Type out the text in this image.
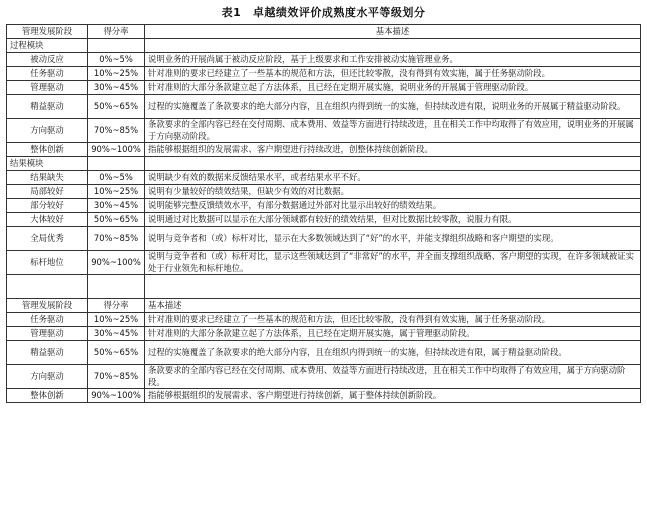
表1　卓越绩效评价成熟度水平等级划分
管理发展阶段	得分率	基本描述
过程模块		
被动反应	0%~5%	说明业务的开展尚属于被动反应阶段，基于上级要求和工作安排被动实施管理业务。
任务驱动	10%~25%	针对准则的要求已经建立了一些基本的规范和方法，但还比较零散，没有得到有效实施，属于任务驱动阶段。
管理驱动	30%~45%	针对准则的大部分条款建立起了方法体系，且已经在定期开展实施，说明业务的开展属于管理驱动阶段。
精益驱动	50%~65%	过程的实施覆盖了条款要求的绝大部分内容，且在组织内得到统一的实施，但持续改进有限，说明业务的开展属于精益驱动阶段。
方向驱动	70%~85%	条款要求的全部内容已经在交付周期、成本费用、效益等方面进行持续改进，且在相关工作中均取得了有效应用，说明业务的开展属于方向驱动阶段。
整体创新	90%~100%	指能够根据组织的发展需求、客户期望进行持续改进，创整体持续创新阶段。
结果模块		
结果缺失	0%~5%	说明缺少有效的数据来反馈结果水平，或者结果水平不好。
局部较好	10%~25%	说明有少量较好的绩效结果，但缺少有效的对比数据。
部分较好	30%~45%	说明能够完整反馈绩效水平，有部分数据通过外部对比显示出较好的绩效结果。
大体较好	50%~65%	说明通过对比数据可以显示在大部分领域都有较好的绩效结果，但对比数据比较零散，说服力有限。
全局优秀	70%~85%	说明与竞争者和（或）标杆对比，显示在大多数领域达到了“好”的水平，并能支撑组织战略和客户期望的实现。
标杆地位	90%~100%	说明与竞争者和（或）标杆对比，显示这些领域达到了“非常好”的水平，并全面支撑组织战略、客户期望的实现，在许多领域被证实处于行业领先和标杆地位。

管理发展阶段	得分率	基本描述
任务驱动	10%~25%	针对准则的要求已经建立了一些基本的规范和方法，但还比较零散，没有得到有效实施，属于任务驱动阶段。
管理驱动	30%~45%	针对准则的大部分条款建立起了方法体系，且已经在定期开展实施，属于管理驱动阶段。
精益驱动	50%~65%	过程的实施覆盖了条款要求的绝大部分内容，且在组织内得到统一的实施，但持续改进有限，属于精益驱动阶段。
方向驱动	70%~85%	条款要求的全部内容已经在交付周期、成本费用、效益等方面进行持续改进，且在相关工作中均取得了有效应用，属于方向驱动阶段。
整体创新	90%~100%	指能够根据组织的发展需求、客户期望进行持续创新，属于整体持续创新阶段。
